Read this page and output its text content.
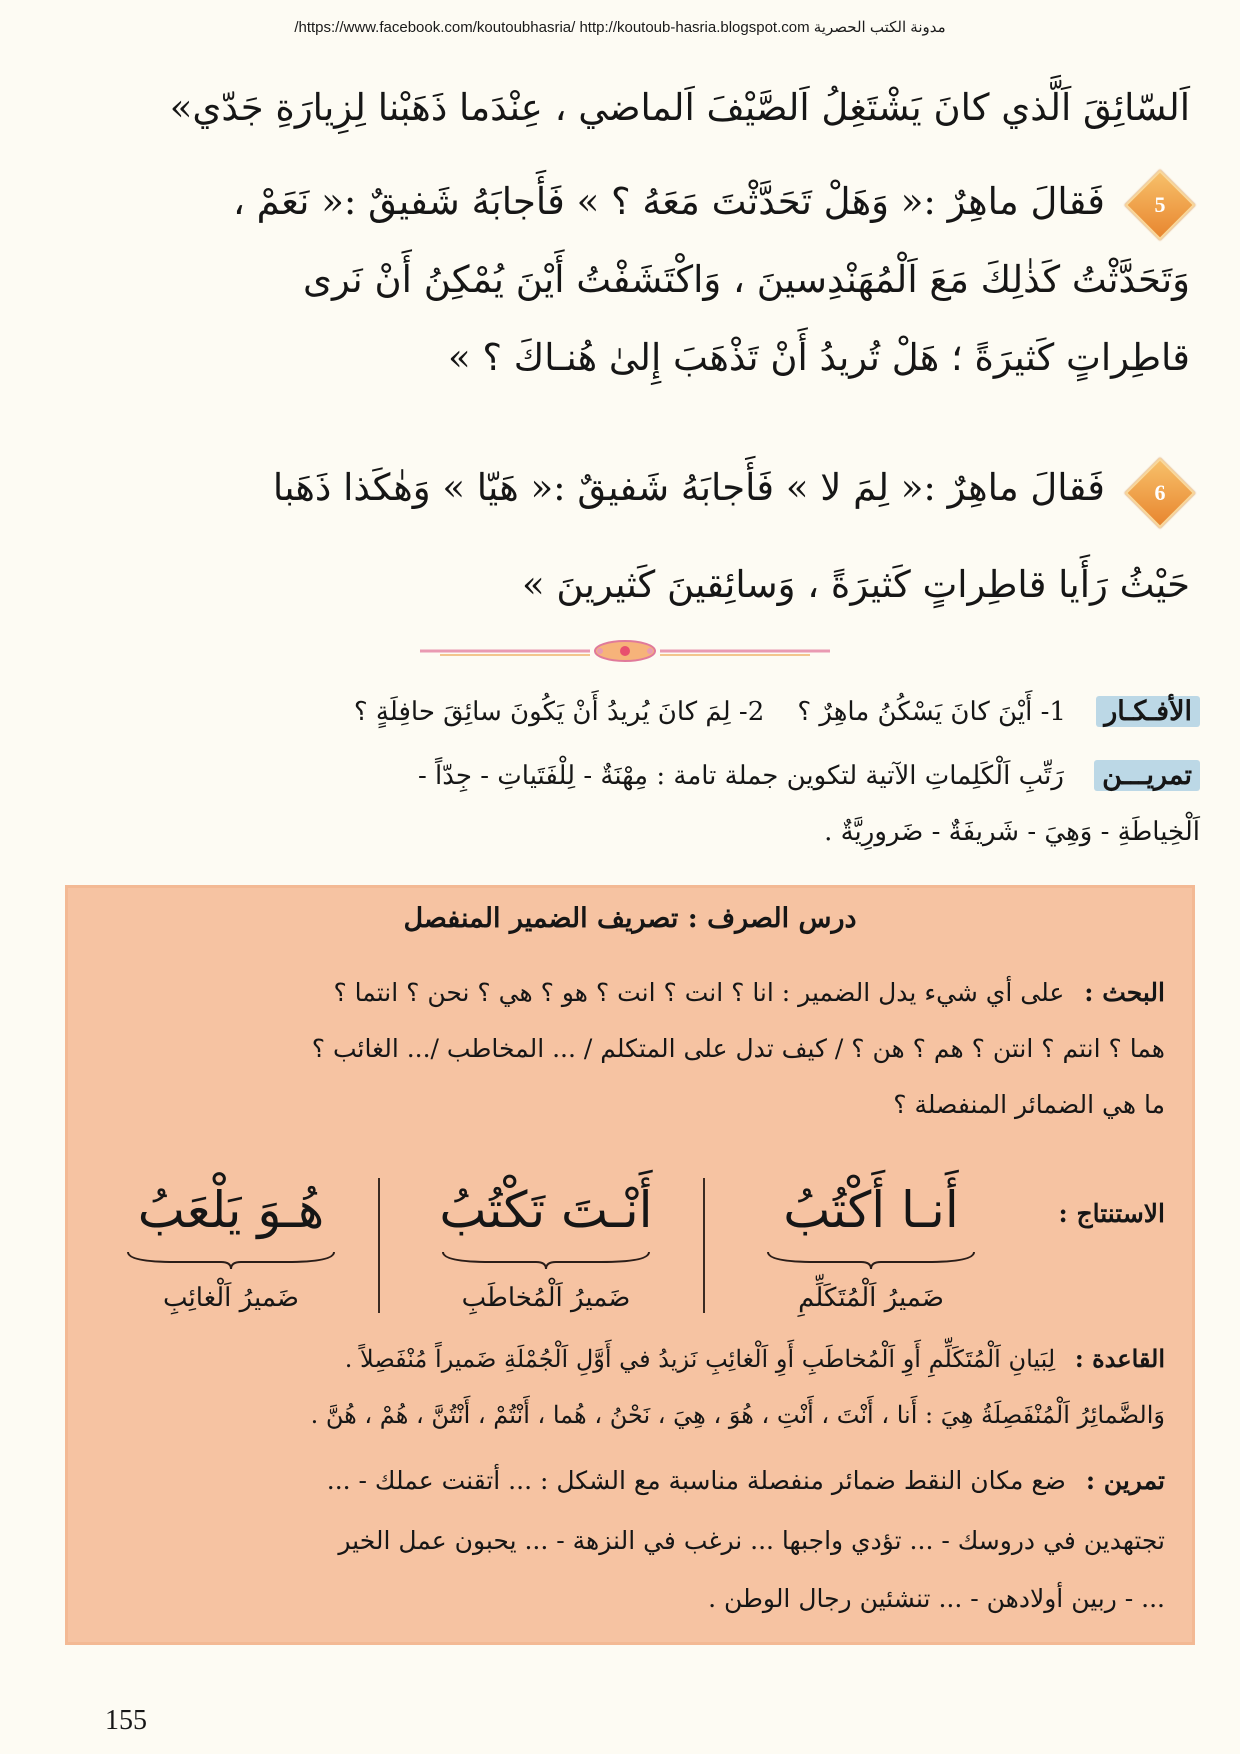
/https://www.facebook.com/koutoubhasria/ http://koutoub-hasria.blogspot.com مدونة الكتب الحصرية

اَلسّائِقَ اَلَّذي كانَ يَشْتَغِلُ اَلصَّيْفَ اَلماضي ، عِنْدَما ذَهَبْنا لِزِيارَةِ جَدّي»

5

فَقالَ ماهِرٌ :« وَهَلْ تَحَدَّثْتَ مَعَهُ ؟ » فَأَجابَهُ شَفيقٌ :« نَعَمْ ،

وَتَحَدَّثْتُ كَذٰلِكَ مَعَ اَلْمُهَنْدِسينَ ، وَاكْتَشَفْتُ أَيْنَ يُمْكِنُ أَنْ نَرى

قاطِراتٍ كَثيرَةً ؛ هَلْ تُريدُ أَنْ تَذْهَبَ إِلىٰ هُنـاكَ ؟ »

6

فَقالَ ماهِرٌ :« لِمَ لا » فَأَجابَهُ شَفيقٌ :« هَيّا » وَهٰكَذا ذَهَبا

حَيْثُ رَأَيا قاطِراتٍ كَثيرَةً ، وَسائِقينَ كَثيرينَ »

الأفـكـار 1- أَيْنَ كانَ يَسْكُنُ ماهِرٌ ؟    2- لِمَ كانَ يُريدُ أَنْ يَكُونَ سائِقَ حافِلَةٍ ؟
تمريـــن رَتِّبِ اَلْكَلِماتِ الآتية لتكوين جملة تامة : مِهْنَةٌ - لِلْفَتَياتِ - جِدّاً -
اَلْخِياطَةِ - وَهِيَ - شَريفَةٌ - ضَرورِيَّةٌ .
درس الصرف : تصريف الضمير المنفصل
البحث : على أي شيء يدل الضمير : انا ؟ انت ؟ انت ؟ هو ؟ هي ؟ نحن ؟ انتما ؟
هما ؟ انتم ؟ انتن ؟ هم ؟ هن ؟ / كيف تدل على المتكلم / ... المخاطب /... الغائب ؟
ما هي الضمائر المنفصلة ؟
الاستنتاج :
أَنـا أَكْتُبُ
ضَميرُ اَلْمُتَكَلِّمِ
أَنْـتَ تَكْتُبُ
ضَميرُ اَلْمُخاطَبِ
هُـوَ يَلْعَبُ
ضَميرُ اَلْغائِبِ
القاعدة : لِبَيانِ اَلْمُتَكَلِّمِ أَوِ اَلْمُخاطَبِ أَوِ اَلْغائِبِ نَزيدُ في أَوَّلِ اَلْجُمْلَةِ ضَميراً مُنْفَصِلاً .
وَالضَّمائِرُ اَلْمُنْفَصِلَةُ هِيَ : أَنا ، أَنْتَ ، أَنْتِ ، هُوَ ، هِيَ ، نَحْنُ ، هُما ، أَنْتُمْ ، أَنْتُنَّ ، هُمْ ، هُنَّ .
تمرين : ضع مكان النقط ضمائر منفصلة مناسبة مع الشكل : ... أتقنت عملك - ...
تجتهدين في دروسك - ... تؤدي واجبها ... نرغب في النزهة - ... يحبون عمل الخير
... - ربين أولادهن - ... تنشئين رجال الوطن .
155
